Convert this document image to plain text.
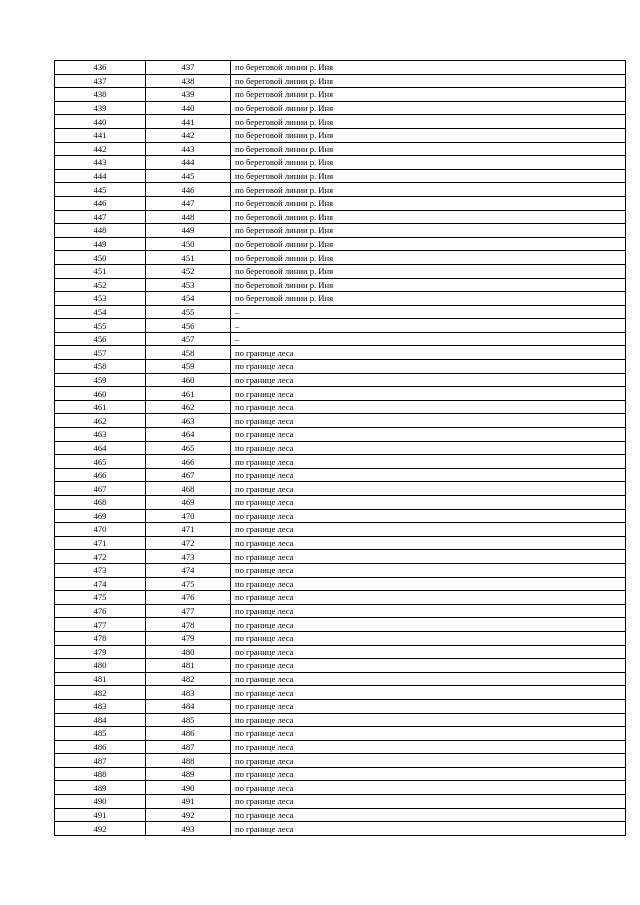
436	437	по береговой линии р. Иня
437	438	по береговой линии р. Иня
438	439	по береговой линии р. Иня
439	440	по береговой линии р. Иня
440	441	по береговой линии р. Иня
441	442	по береговой линии р. Иня
442	443	по береговой линии р. Иня
443	444	по береговой линии р. Иня
444	445	по береговой линии р. Иня
445	446	по береговой линии р. Иня
446	447	по береговой линии р. Иня
447	448	по береговой линии р. Иня
448	449	по береговой линии р. Иня
449	450	по береговой линии р. Иня
450	451	по береговой линии р. Иня
451	452	по береговой линии р. Иня
452	453	по береговой линии р. Иня
453	454	по береговой линии р. Иня
454	455	–
455	456	–
456	457	–
457	458	по границе леса
458	459	по границе леса
459	460	по границе леса
460	461	по границе леса
461	462	по границе леса
462	463	по границе леса
463	464	по границе леса
464	465	по границе леса
465	466	по границе леса
466	467	по границе леса
467	468	по границе леса
468	469	по границе леса
469	470	по границе леса
470	471	по границе леса
471	472	по границе леса
472	473	по границе леса
473	474	по границе леса
474	475	по границе леса
475	476	по границе леса
476	477	по границе леса
477	478	по границе леса
478	479	по границе леса
479	480	по границе леса
480	481	по границе леса
481	482	по границе леса
482	483	по границе леса
483	484	по границе леса
484	485	по границе леса
485	486	по границе леса
486	487	по границе леса
487	488	по границе леса
488	489	по границе леса
489	490	по границе леса
490	491	по границе леса
491	492	по границе леса
492	493	по границе леса
